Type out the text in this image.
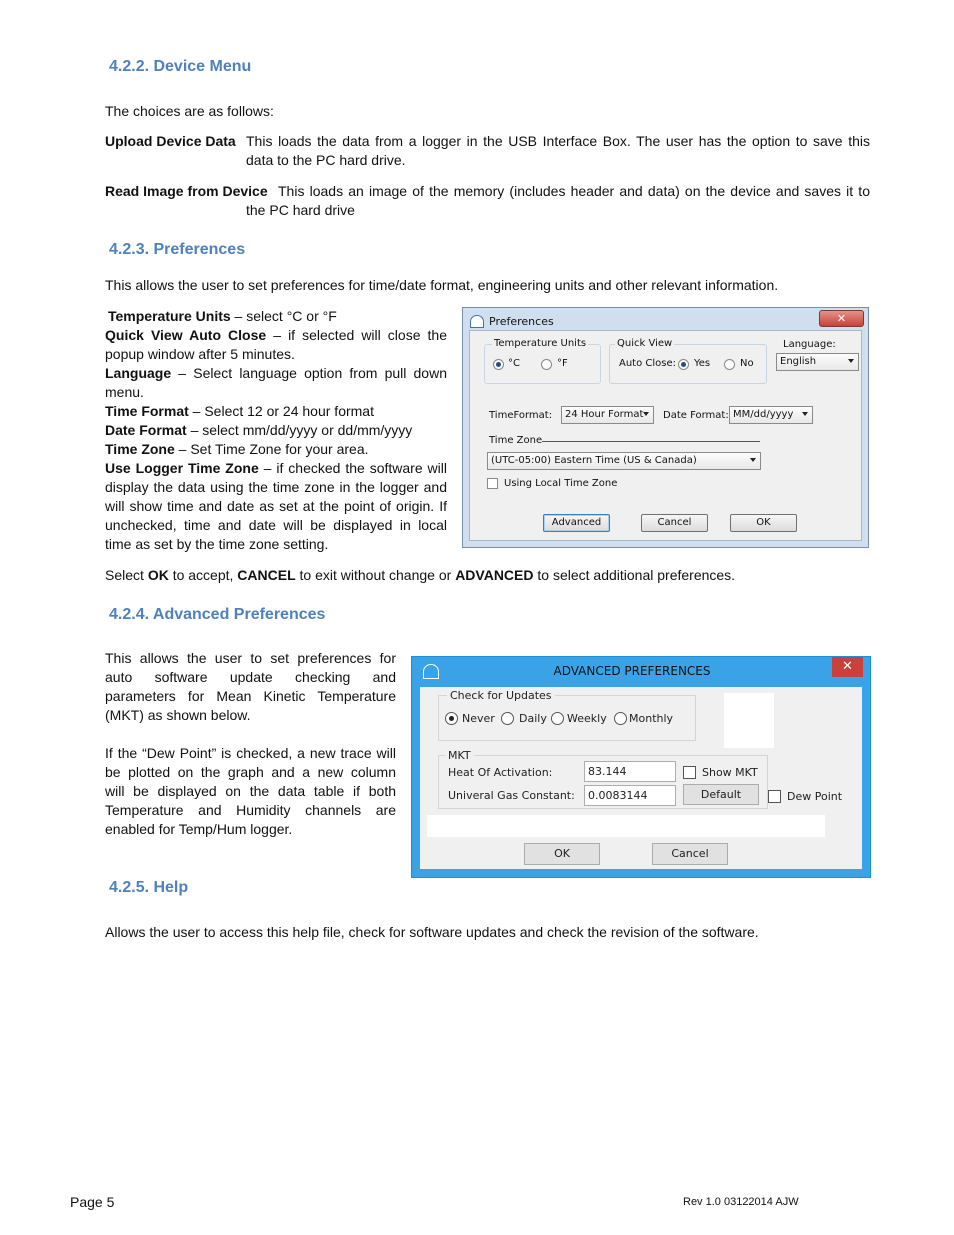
4.2.2. Device Menu
The choices are as follows:
Upload Device Data This loads the data from a logger in the USB Interface Box. The user has the option to save this
data to the PC hard drive.
Read Image from Device This loads an image of the memory (includes header and data) on the device and saves it to
the PC hard drive
4.2.3. Preferences
This allows the user to set preferences for time/date format, engineering units and other relevant information.
Temperature Units – select °C or °F
Quick View Auto Close – if selected will close the
popup window after 5 minutes.
Language – Select language option from pull down
menu.
Time Format – Select 12 or 24 hour format
Date Format – select mm/dd/yyyy or dd/mm/yyyy
Time Zone – Set Time Zone for your area.
Use Logger Time Zone – if checked the software will
display the data using the time zone in the logger and
will show time and date as set at the point of origin. If
unchecked, time and date will be displayed in local
time as set by the time zone setting.
Preferences	✕
Temperature Units
°C	°F
Quick View
Auto Close: Yes	No
Language:
English
TimeFormat: 24 Hour Format Date Format: MM/dd/yyyy
Time Zone
(UTC-05:00) Eastern Time (US & Canada)
Using Local Time Zone
Advanced	Cancel	OK
Select OK to accept, CANCEL to exit without change or ADVANCED to select additional preferences.
4.2.4. Advanced Preferences
This allows the user to set preferences for
auto software update checking and
parameters for Mean Kinetic Temperature
(MKT) as shown below.
If the “Dew Point” is checked, a new trace will
be plotted on the graph and a new column
will be displayed on the data table if both
Temperature and Humidity channels are
enabled for Temp/Hum logger.
ADVANCED PREFERENCES	✕
Check for Updates
Never Daily Weekly Monthly
MKT
Heat Of Activation:	83.144	Show MKT
Univeral Gas Constant: 0.0083144	Default	Dew Point
OK	Cancel
4.2.5. Help
Allows the user to access this help file, check for software updates and check the revision of the software.
Page 5	Rev 1.0 03122014 AJW
